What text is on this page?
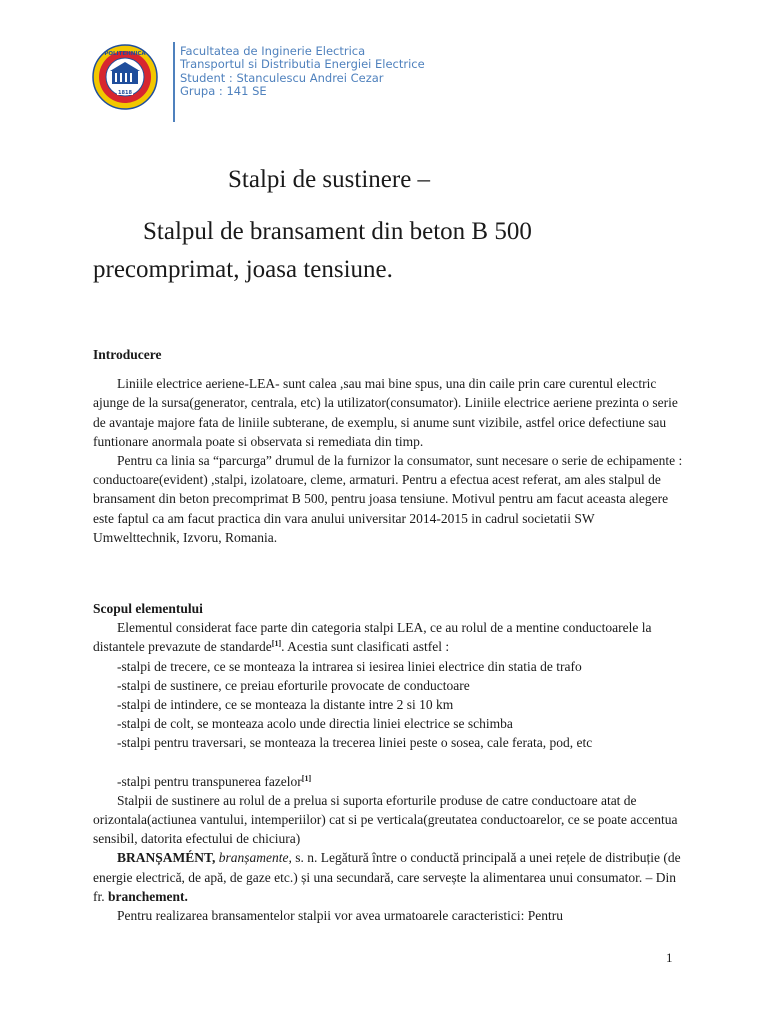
1818
POLITEHNICA	Facultatea de Inginerie Electrica
Transportul si Distributia Energiei Electrice
Student : Stanculescu Andrei Cezar
Grupa : 141 SE
Stalpi de sustinere –
Stalpul de bransament din beton B 500 precomprimat, joasa tensiune.

Introducere

Liniile electrice aeriene-LEA- sunt calea ,sau mai bine spus, una din caile prin care curentul electric ajunge de la sursa(generator, centrala, etc) la utilizator(consumator). Liniile electrice aeriene prezinta o serie de avantaje majore fata de liniile subterane, de exemplu, si anume sunt vizibile, astfel orice defectiune sau funtionare anormala poate si observata si remediata din timp.

Pentru ca linia sa “parcurga” drumul de la furnizor la consumator, sunt necesare o serie de echipamente : conductoare(evident) ,stalpi, izolatoare, cleme, armaturi. Pentru a efectua acest referat, am ales stalpul de bransament din beton precomprimat B 500, pentru joasa tensiune. Motivul pentru am facut aceasta alegere este faptul ca am facut practica din vara anului universitar 2014-2015 in cadrul societatii SW Umwelttechnik, Izvoru, Romania.

Scopul elementului

Elementul considerat face parte din categoria stalpi LEA, ce au rolul de a mentine conductoarele la distantele prevazute de standarde[1]. Acestia sunt clasificati astfel :

-stalpi de trecere, ce se monteaza la intrarea si iesirea liniei electrice din statia de trafo
-stalpi de sustinere, ce preiau eforturile provocate de conductoare
-stalpi de intindere, ce se monteaza la distante intre 2 si 10 km
-stalpi de colt, se monteaza acolo unde directia liniei electrice se schimba
-stalpi pentru traversari, se monteaza la trecerea liniei peste o sosea, cale ferata, pod, etc
-stalpi pentru transpunerea fazelor[1]

Stalpii de sustinere au rolul de a prelua si suporta eforturile produse de catre conductoare atat de orizontala(actiunea vantului, intemperiilor) cat si pe verticala(greutatea conductoarelor, ce se poate accentua sensibil, datorita efectului de chiciura)

BRANȘAMÉNT, branșamente, s. n. Legătură între o conductă principală a unei rețele de distribuție (de energie electrică, de apă, de gaze etc.) și una secundară, care servește la alimentarea unui consumator. – Din fr. branchement.

Pentru realizarea bransamentelor stalpii vor avea urmatoarele caracteristici: Pentru

1
